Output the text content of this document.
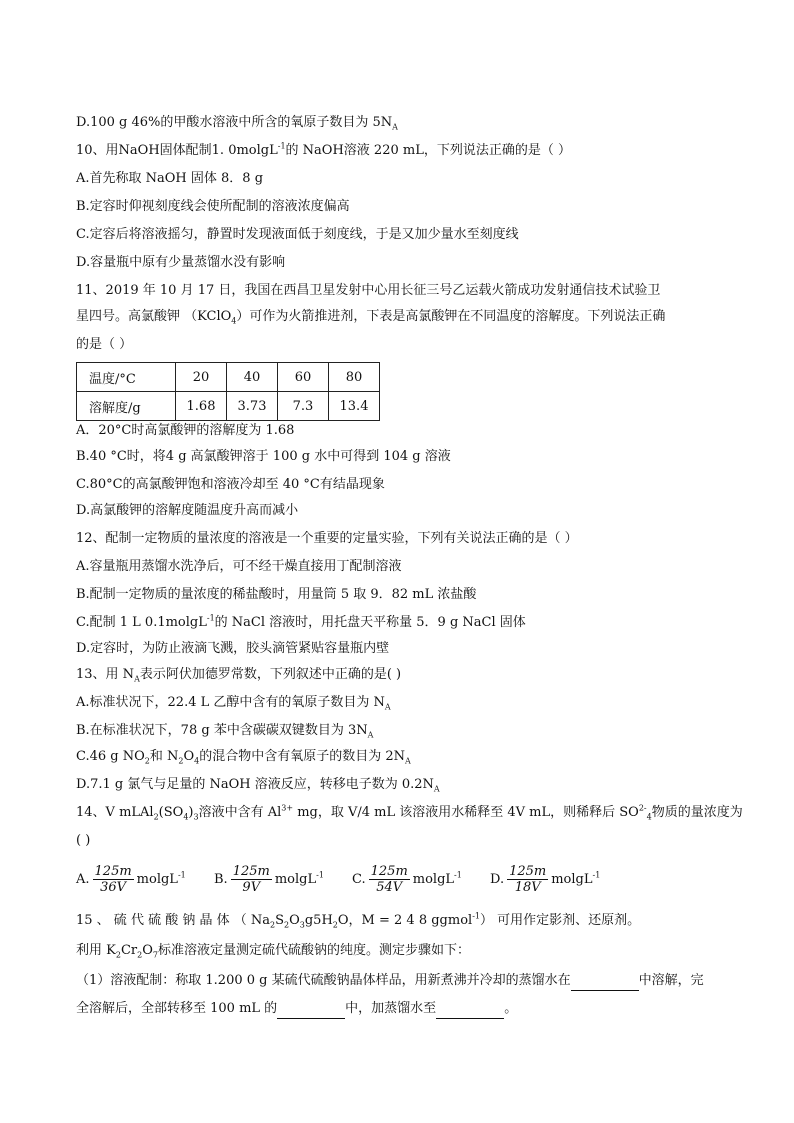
D.100 g 46%的甲酸水溶液中所含的氧原子数目为 $5N_A$
10、用NaOH固体配制1. 0molgL$^{-1}$的 NaOH溶液 220 mL，下列说法正确的是（ ）
A.首先称取 NaOH 固体 8．8 g
B.定容时仰视刻度线会使所配制的溶液浓度偏高
C.定容后将溶液摇匀，静置时发现液面低于刻度线，于是又加少量水至刻度线
D.容量瓶中原有少量蒸馏水没有影响
11、2019 年 10 月 17 日，我国在西昌卫星发射中心用长征三号乙运载火箭成功发射通信技术试验卫
星四号。高氯酸钾 （KClO$_4$）可作为火箭推进剂，下表是高氯酸钾在不同温度的溶解度。下列说法正确
的是（ ）
温度/°C	20	40	60	80
溶解度/g	1.68	3.73	7.3	13.4
A．20°C时高氯酸钾的溶解度为 1.68
B.40 °C时，将4 g 高氯酸钾溶于 100 g 水中可得到 104 g 溶液
C.80°C的高氯酸钾饱和溶液冷却至 40 °C有结晶现象
D.高氯酸钾的溶解度随温度升高而减小
12、配制一定物质的量浓度的溶液是一个重要的定量实验，下列有关说法正确的是（ ）
A.容量瓶用蒸馏水洗净后，可不经干燥直接用丁配制溶液
B.配制一定物质的量浓度的稀盐酸时，用量筒 5 取 9．82 mL 浓盐酸
C.配制 1 L 0.1molgL$^{-1}$的 NaCl 溶液时，用托盘天平称量 5．9 g NaCl 固体
D.定容时，为防止液滴飞溅，胶头滴管紧贴容量瓶内壁
13、用 $N_A$表示阿伏加德罗常数，下列叙述中正确的是( )
A.标准状况下，22.4 L 乙醇中含有的氧原子数目为 $N_A$
B.在标准状况下，78 g 苯中含碳碳双键数目为 $3N_A$
C.46 g $NO_2$和 $N_2O_4$的混合物中含有氧原子的数目为 $2N_A$
D.7.1 g 氯气与足量的 NaOH 溶液反应，转移电子数为 $0.2N_A$
14、V $mLAl_2(SO_4)_3$溶液中含有 $Al^{3+}$ mg，取 V/4 mL 该溶液用水稀释至 4V mL，则稀释后 $SO^{2-}_4$物质的量浓度为
( )
A. $\frac{125m}{36V} molgL^{-1}$ B. $\frac{125m}{9V} molgL^{-1}$ C. $\frac{125m}{54V} molgL^{-1}$ D. $\frac{125m}{18V} molgL^{-1}$
15 、 硫 代 硫 酸 钠 晶 体 （ $Na_2S_2O_3g5H_2O$，M = 2 4 8 ggmol$^{-1}$） 可用作定影剂、还原剂。
利用 $K_2Cr_2O_7$标准溶液定量测定硫代硫酸钠的纯度。测定步骤如下：
（1）溶液配制：称取 1.200 0 g 某硫代硫酸钠晶体样品，用新煮沸并冷却的蒸馏水在	中溶解，完
全溶解后，全部转移至 100 mL 的	中，加蒸馏水至	。
